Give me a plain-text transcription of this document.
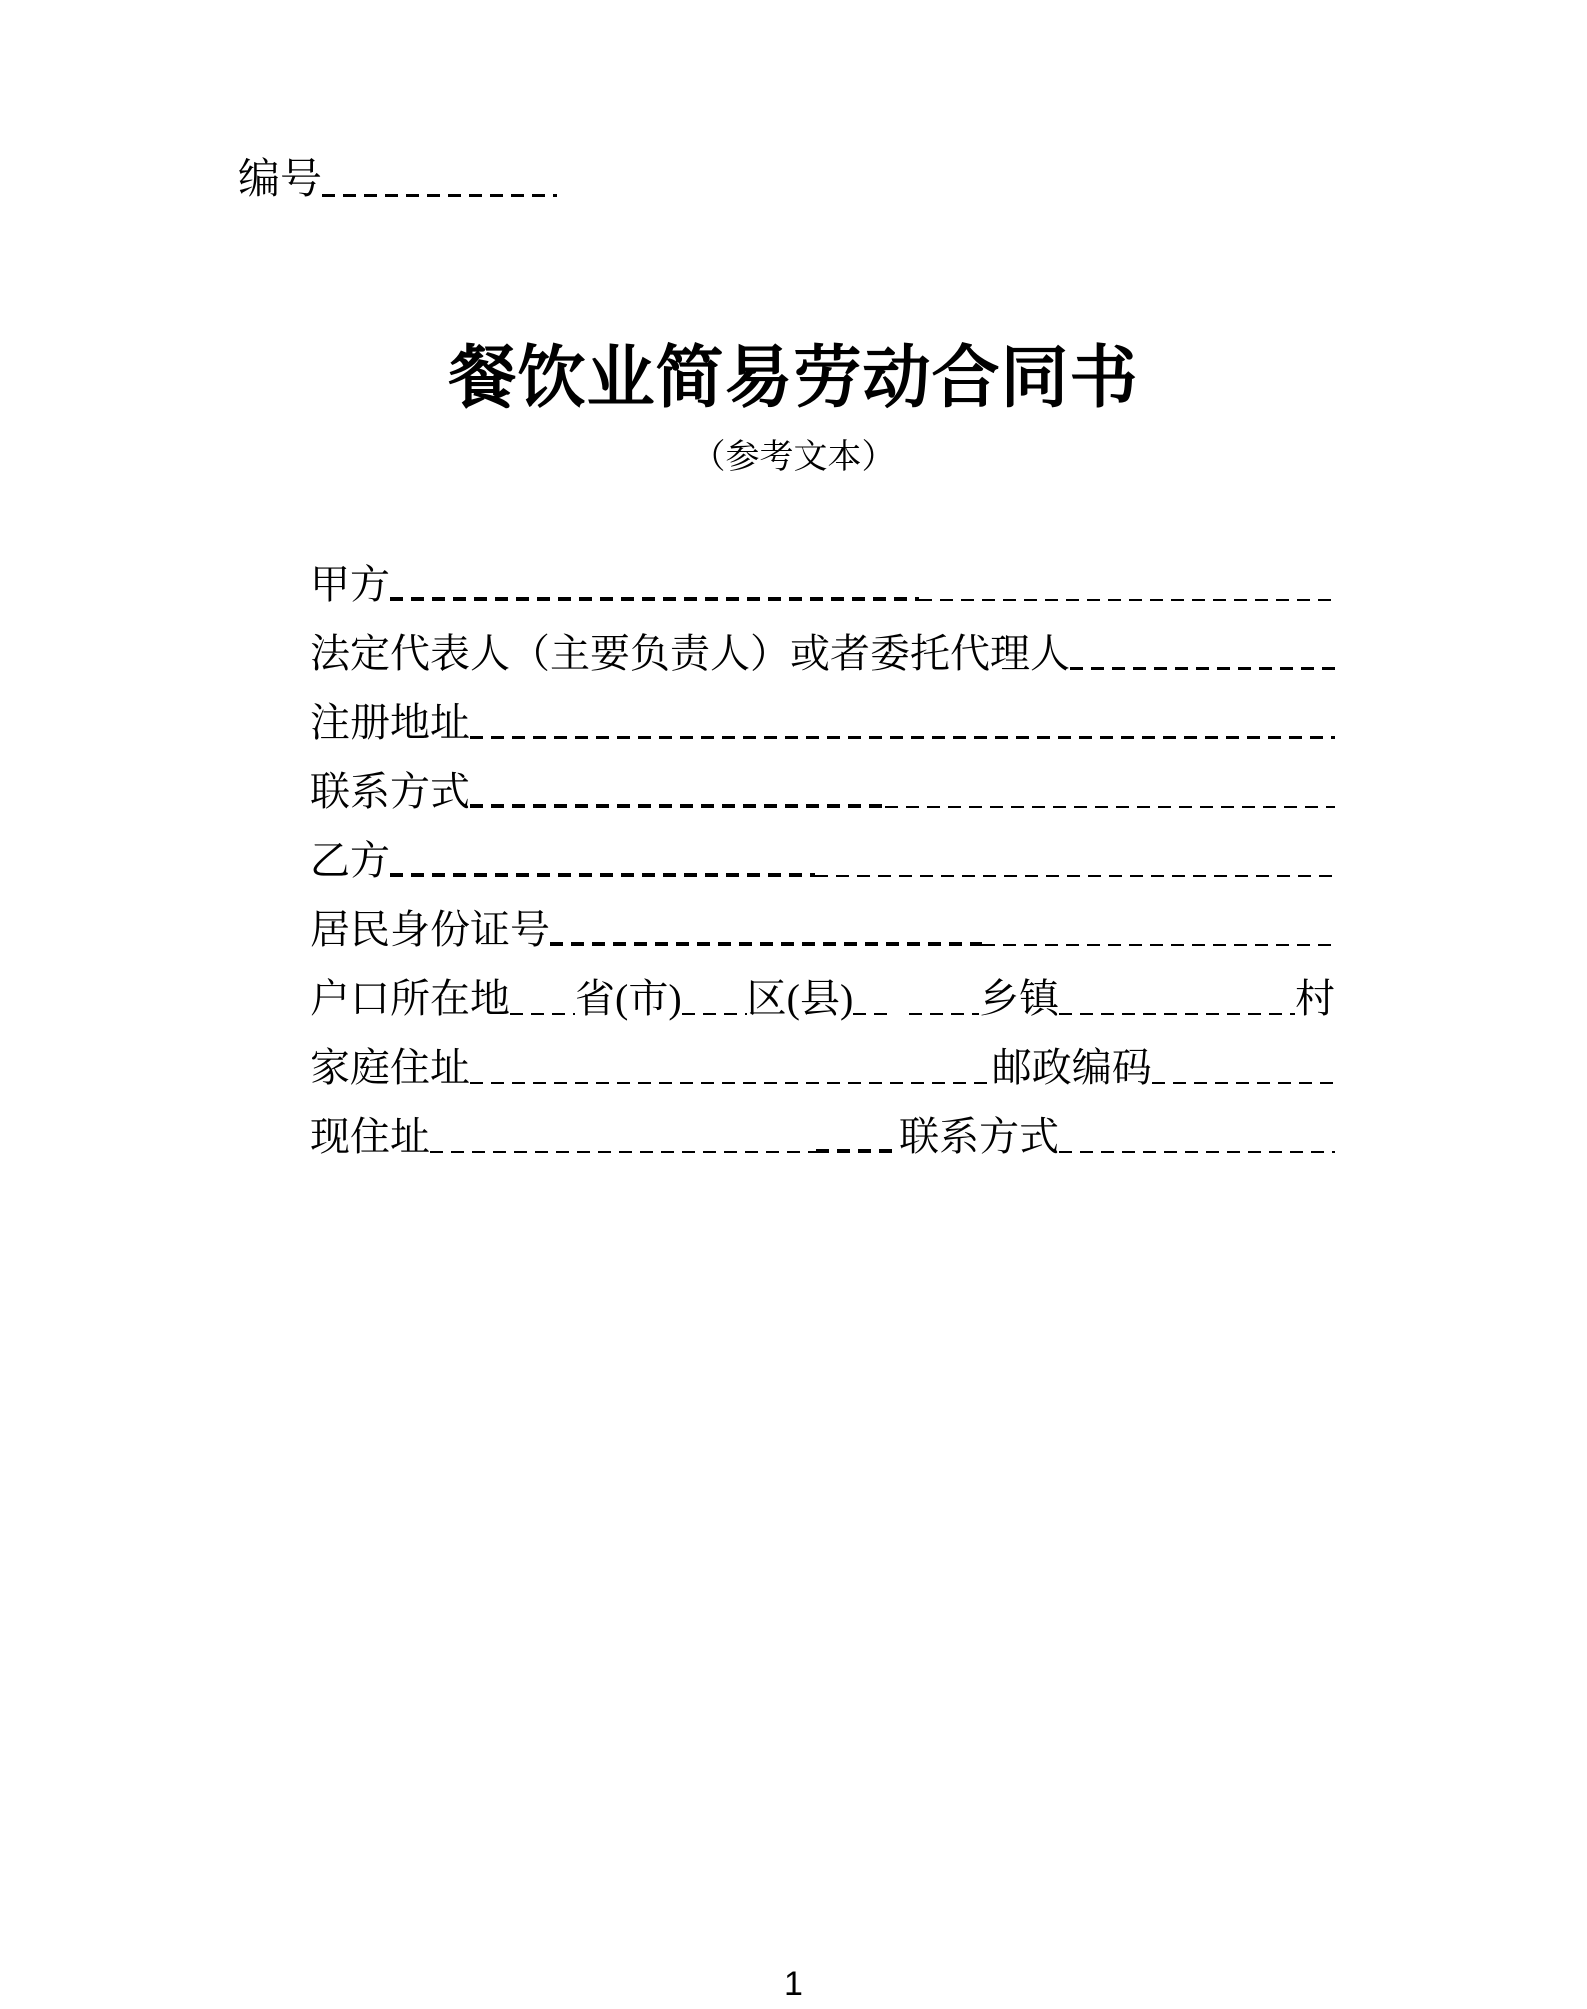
编号
餐饮业简易劳动合同书
（参考文本）
甲方
法定代表人（主要负责人）或者委托代理人
注册地址
联系方式
乙方
居民身份证号
户口所在地 省(市) 区(县)	乡镇	村
家庭住址	邮政编码
现住址	联系方式
1
